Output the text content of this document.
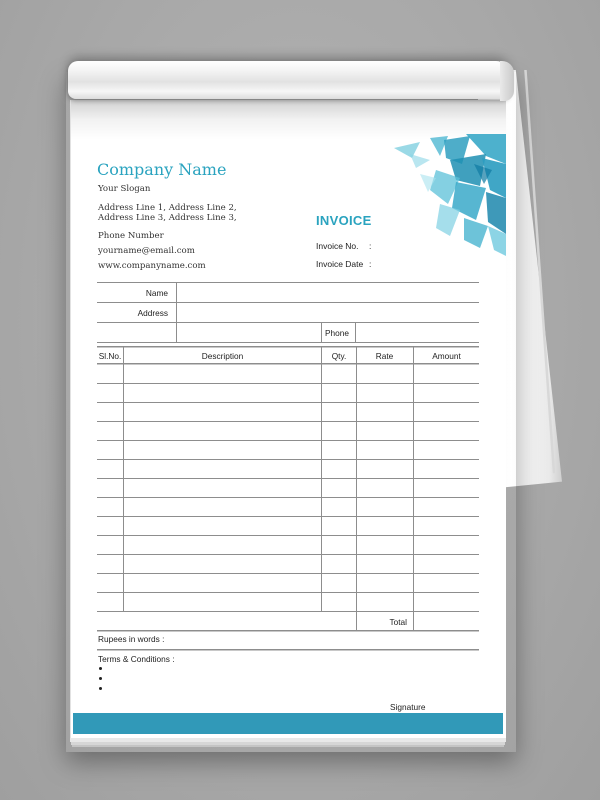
Company Name
Your Slogan
Address Line 1, Address Line 2,
Address Line 3, Address Line 3,
Phone Number
yourname@email.com
www.companyname.com
INVOICE
Invoice No. :
Invoice Date :
Name
Address
Phone
Sl.No.	Description	Qty.	Rate	Amount
Total
Rupees in words :
Terms & Conditions :
Signature
